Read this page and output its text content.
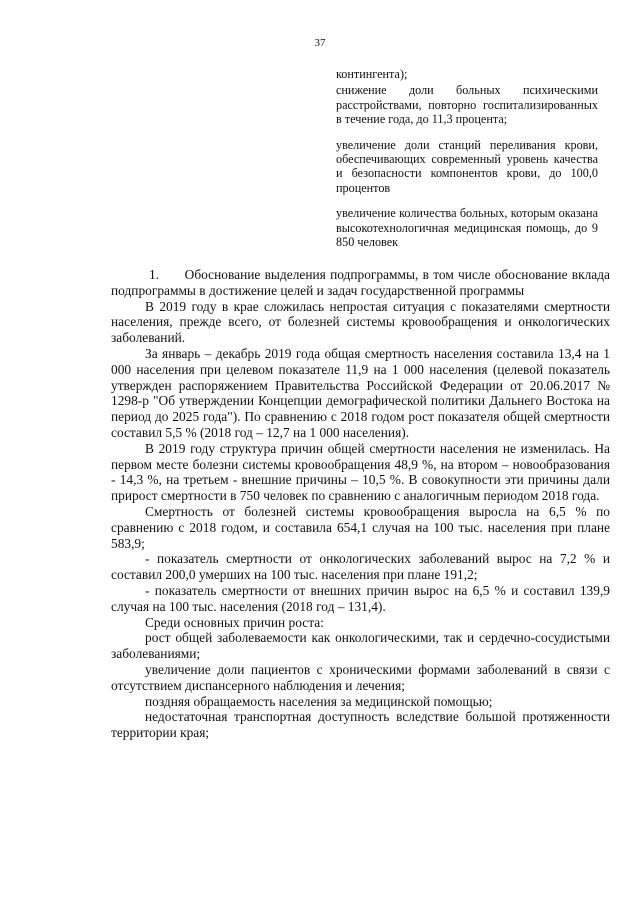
37

контингента);

снижение доли больных психическими расстройствами, повторно госпитализированных в течение года, до 11,3 процента;

увеличение доли станций переливания крови, обеспечивающих современный уровень качества и безопасности компонентов крови, до 100,0 процентов

увеличение количества больных, которым оказана высокотехнологичная медицинская помощь, до 9 850 человек

1.      Обоснование выделения подпрограммы, в том числе обоснование вклада подпрограммы в достижение целей и задач государственной программы

В 2019 году в крае сложилась непростая ситуация с показателями смертности населения, прежде всего, от болезней системы кровообращения и онкологических заболеваний.

За январь – декабрь 2019 года общая смертность населения составила 13,4 на 1 000 населения при целевом показателе 11,9 на 1 000 населения (целевой показатель утвержден распоряжением Правительства Российской Федерации от 20.06.2017 № 1298-р "Об утверждении Концепции демографической политики Дальнего Востока на период до 2025 года"). По сравнению с 2018 годом рост показателя общей смертности составил 5,5 % (2018 год – 12,7 на 1 000 населения).

В 2019 году структура причин общей смертности населения не изменилась. На первом месте болезни системы кровообращения 48,9 %, на втором – новообразования - 14,3 %, на третьем - внешние причины – 10,5 %. В совокупности эти причины дали прирост смертности в 750 человек по сравнению с аналогичным периодом 2018 года.

Смертность от болезней системы кровообращения выросла на 6,5 % по сравнению с 2018 годом, и составила 654,1 случая на 100 тыс. населения при плане 583,9;

- показатель смертности от онкологических заболеваний вырос на 7,2 % и составил 200,0 умерших на 100 тыс. населения при плане 191,2;

- показатель смертности от внешних причин вырос на 6,5 % и составил 139,9 случая на 100 тыс. населения (2018 год – 131,4).

Среди основных причин роста:

рост общей заболеваемости как онкологическими, так и сердечно-сосудистыми заболеваниями;

увеличение доли пациентов с хроническими формами заболеваний в связи с отсутствием диспансерного наблюдения и лечения;

поздняя обращаемость населения за медицинской помощью;

недостаточная транспортная доступность вследствие большой протяженности территории края;
